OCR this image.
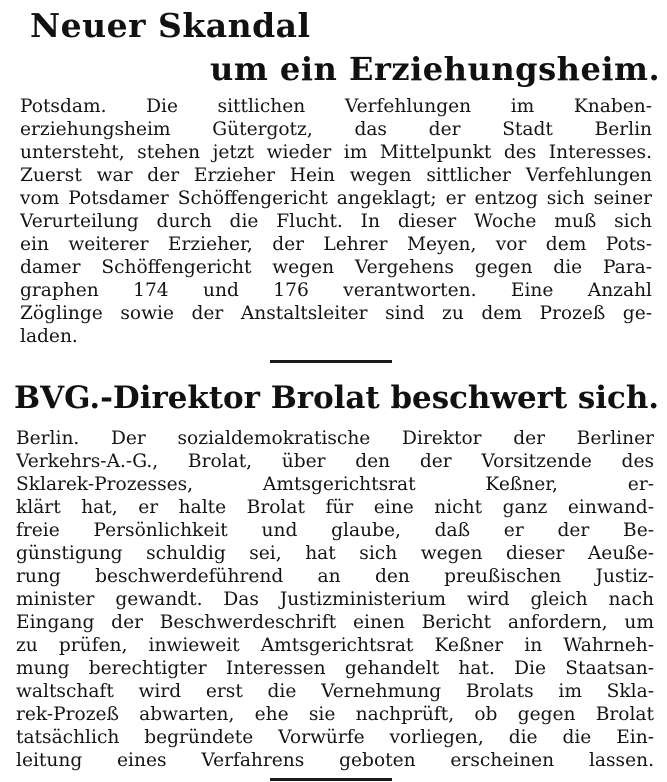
Neuer Skandal
um ein Erziehungsheim.
Potsdam. Die sittlichen Verfehlungen im Knaben-
erziehungsheim Gütergotz, das der Stadt Berlin
untersteht, stehen jetzt wieder im Mittelpunkt des Interesses.
Zuerst war der Erzieher Hein wegen sittlicher Verfehlungen
vom Potsdamer Schöffengericht angeklagt; er entzog sich seiner
Verurteilung durch die Flucht. In dieser Woche muß sich
ein weiterer Erzieher, der Lehrer Meyen, vor dem Pots-
damer Schöffengericht wegen Vergehens gegen die Para-
graphen 174 und 176 verantworten. Eine Anzahl
Zöglinge sowie der Anstaltsleiter sind zu dem Prozeß ge-
laden.
BVG.-Direktor Brolat beschwert sich.
Berlin. Der sozialdemokratische Direktor der Berliner
Verkehrs-A.-G., Brolat, über den der Vorsitzende des
Sklarek-Prozesses, Amtsgerichtsrat Keßner, er-
klärt hat, er halte Brolat für eine nicht ganz einwand-
freie Persönlichkeit und glaube, daß er der Be-
günstigung schuldig sei, hat sich wegen dieser Aeuße-
rung beschwerdeführend an den preußischen Justiz-
minister gewandt. Das Justizministerium wird gleich nach
Eingang der Beschwerdeschrift einen Bericht anfordern, um
zu prüfen, inwieweit Amtsgerichtsrat Keßner in Wahrneh-
mung berechtigter Interessen gehandelt hat. Die Staatsan-
waltschaft wird erst die Vernehmung Brolats im Skla-
rek-Prozeß abwarten, ehe sie nachprüft, ob gegen Brolat
tatsächlich begründete Vorwürfe vorliegen, die die Ein-
leitung eines Verfahrens geboten erscheinen lassen.
